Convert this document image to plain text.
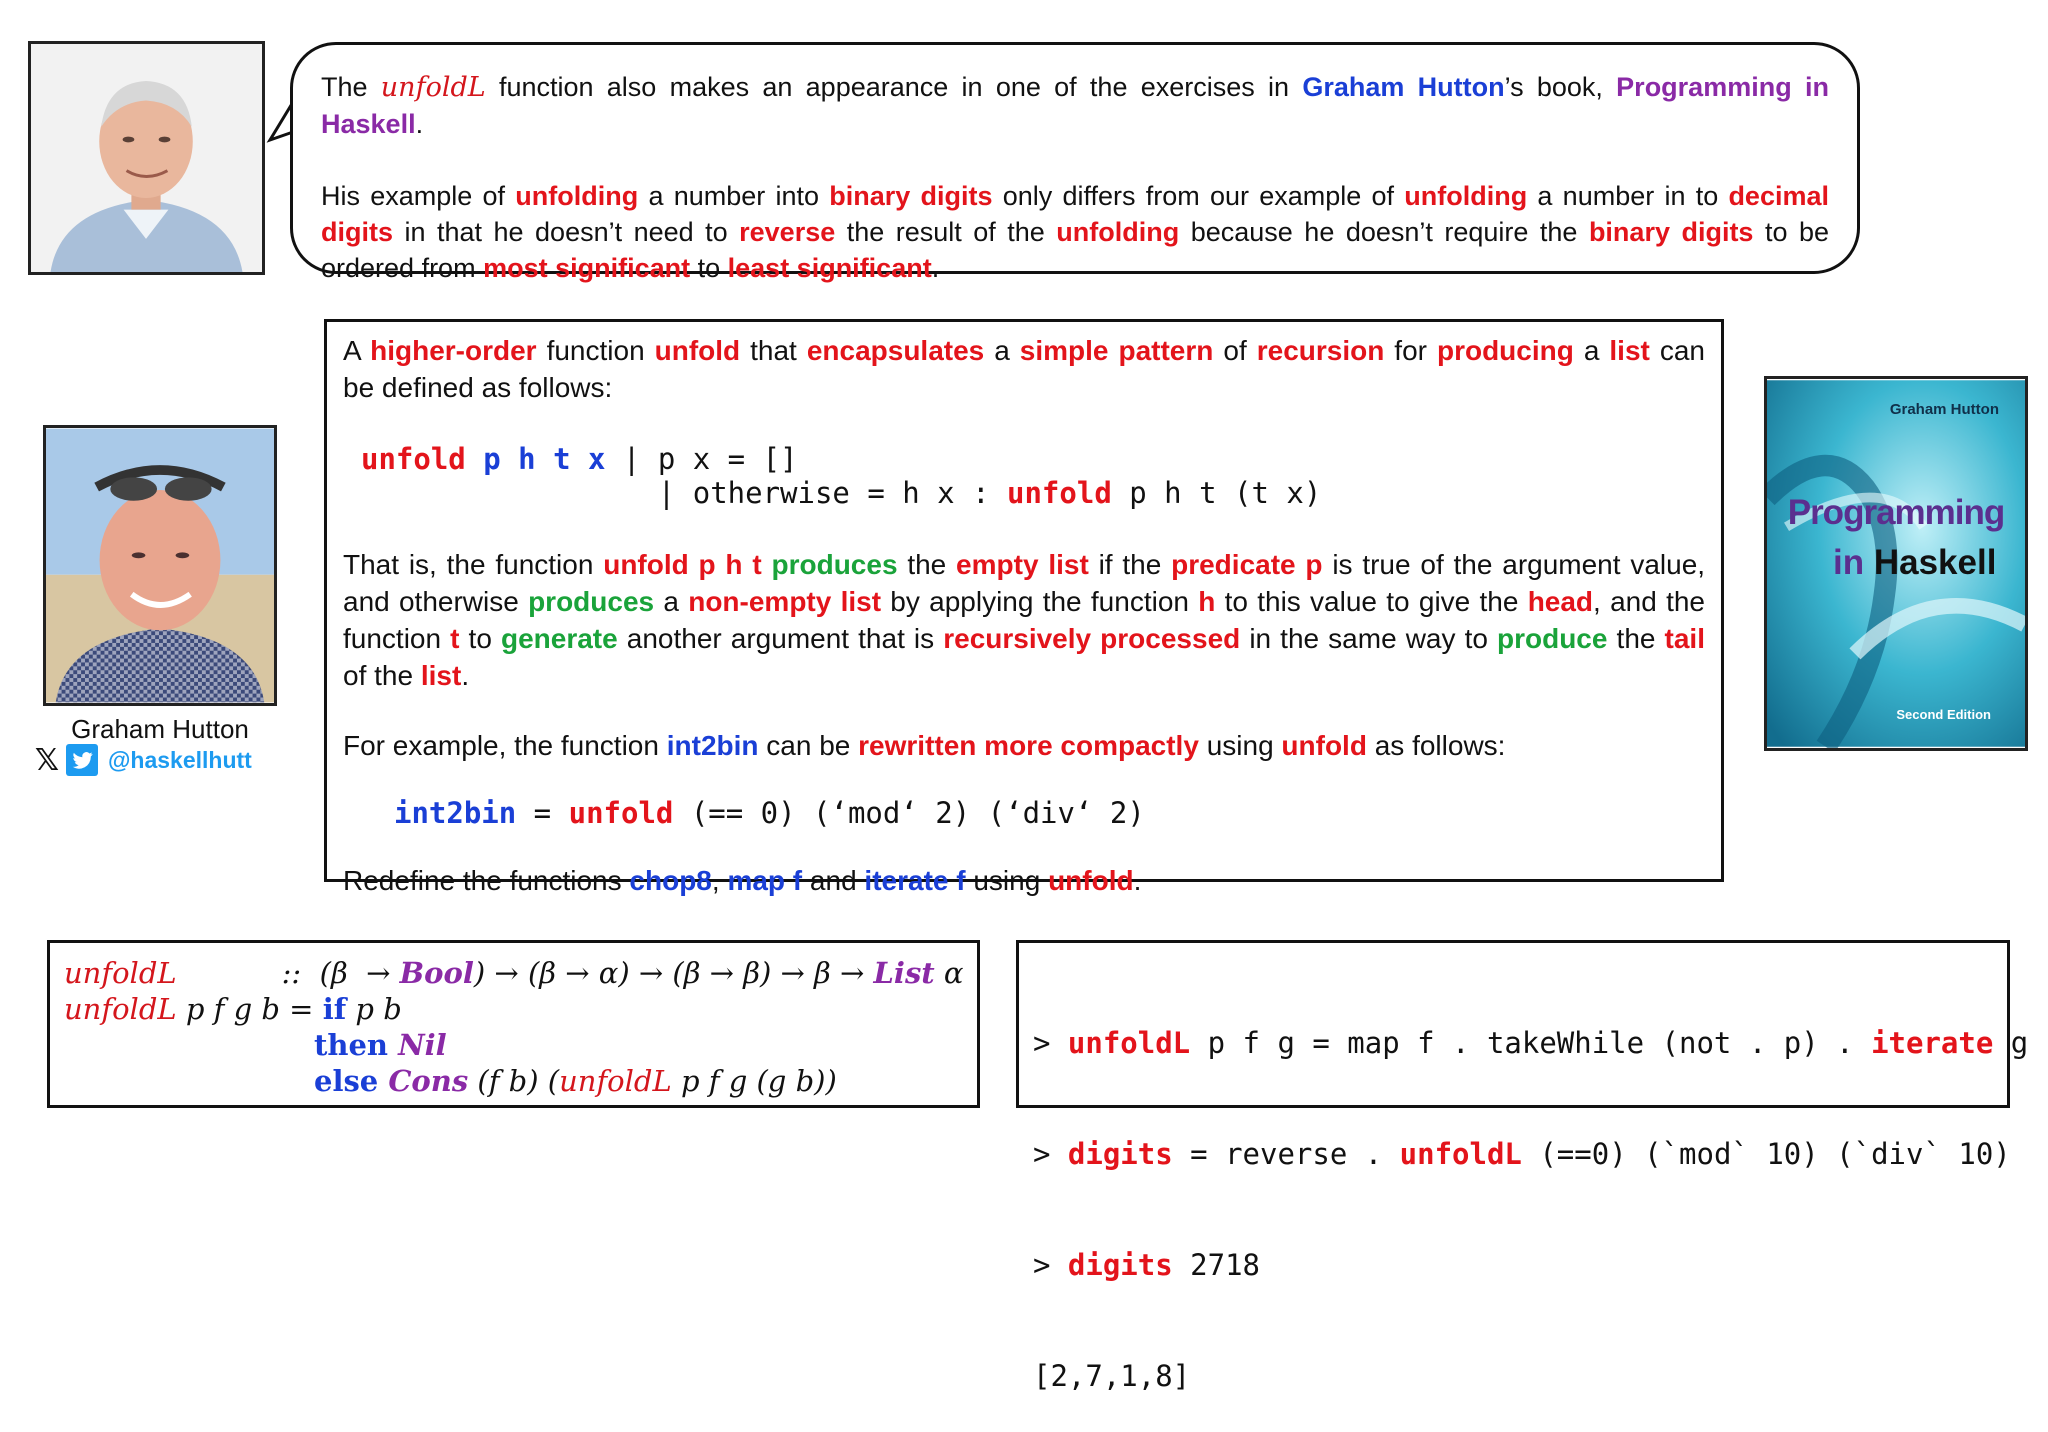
The unfoldL function also makes an appearance in one of the exercises in Graham Hutton’s book, Programming in Haskell.

His example of unfolding a number into binary digits only differs from our example of unfolding a number in to decimal digits in that he doesn’t need to reverse the result of the unfolding because he doesn’t require the binary digits to be ordered from most significant to least significant.

Graham Hutton
𝕏 @haskellhutt

A higher-order function unfold that encapsulates a simple pattern of recursion for producing a list can be defined as follows:

unfold p h t x | p x = []
| otherwise = h x : unfold p h t (t x)

That is, the function unfold p h t produces the empty list if the predicate p is true of the argument value, and otherwise produces a non-empty list by applying the function h to this value to give the head, and the function t to generate another argument that is recursively processed in the same way to produce the tail of the list.

For example, the function int2bin can be rewritten more compactly using unfold as follows:

int2bin = unfold (== 0) (‘mod‘ 2) (‘div‘ 2)

Redefine the functions chop8, map f and iterate f using unfold.

Graham Hutton
Programming
in Haskell
Second Edition
unfoldL	::  (β  → Bool) → (β → α) → (β → β) → β → List α
unfoldL p f g b = if p b
then Nil
else Cons (f b) (unfoldL p f g (g b))

> unfoldL p f g = map f . takeWhile (not . p) . iterate g

> digits = reverse . unfoldL (==0) (`mod` 10) (`div` 10)

> digits 2718

[2,7,1,8]
